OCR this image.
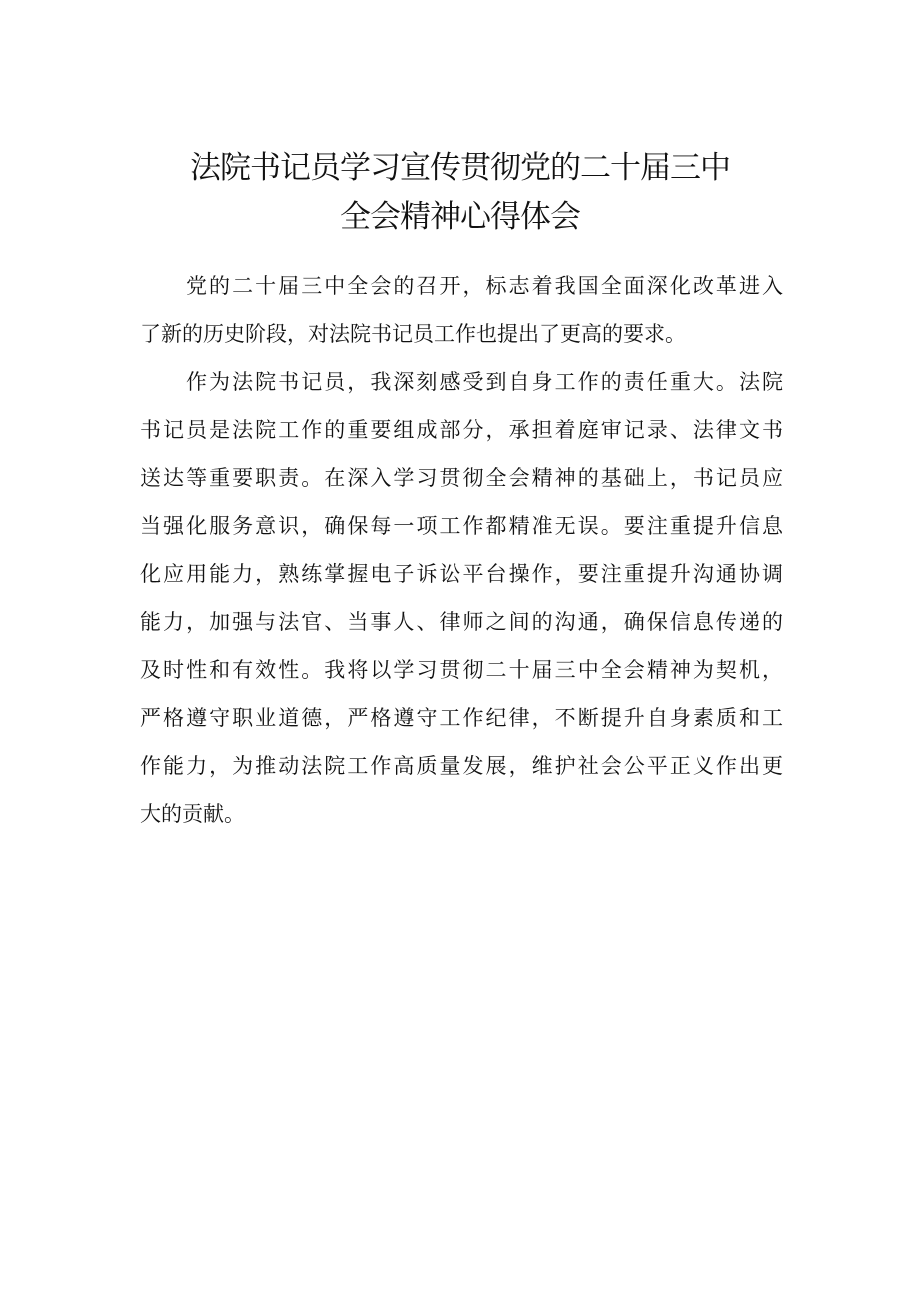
法院书记员学习宣传贯彻党的二十届三中
全会精神心得体会
党的二十届三中全会的召开，标志着我国全面深化改革进入
了新的历史阶段，对法院书记员工作也提出了更高的要求。
作为法院书记员，我深刻感受到自身工作的责任重大。法院
书记员是法院工作的重要组成部分，承担着庭审记录、法律文书
送达等重要职责。在深入学习贯彻全会精神的基础上，书记员应
当强化服务意识，确保每一项工作都精准无误。要注重提升信息
化应用能力，熟练掌握电子诉讼平台操作，要注重提升沟通协调
能力，加强与法官、当事人、律师之间的沟通，确保信息传递的
及时性和有效性。我将以学习贯彻二十届三中全会精神为契机，
严格遵守职业道德，严格遵守工作纪律，不断提升自身素质和工
作能力，为推动法院工作高质量发展，维护社会公平正义作出更
大的贡献。
